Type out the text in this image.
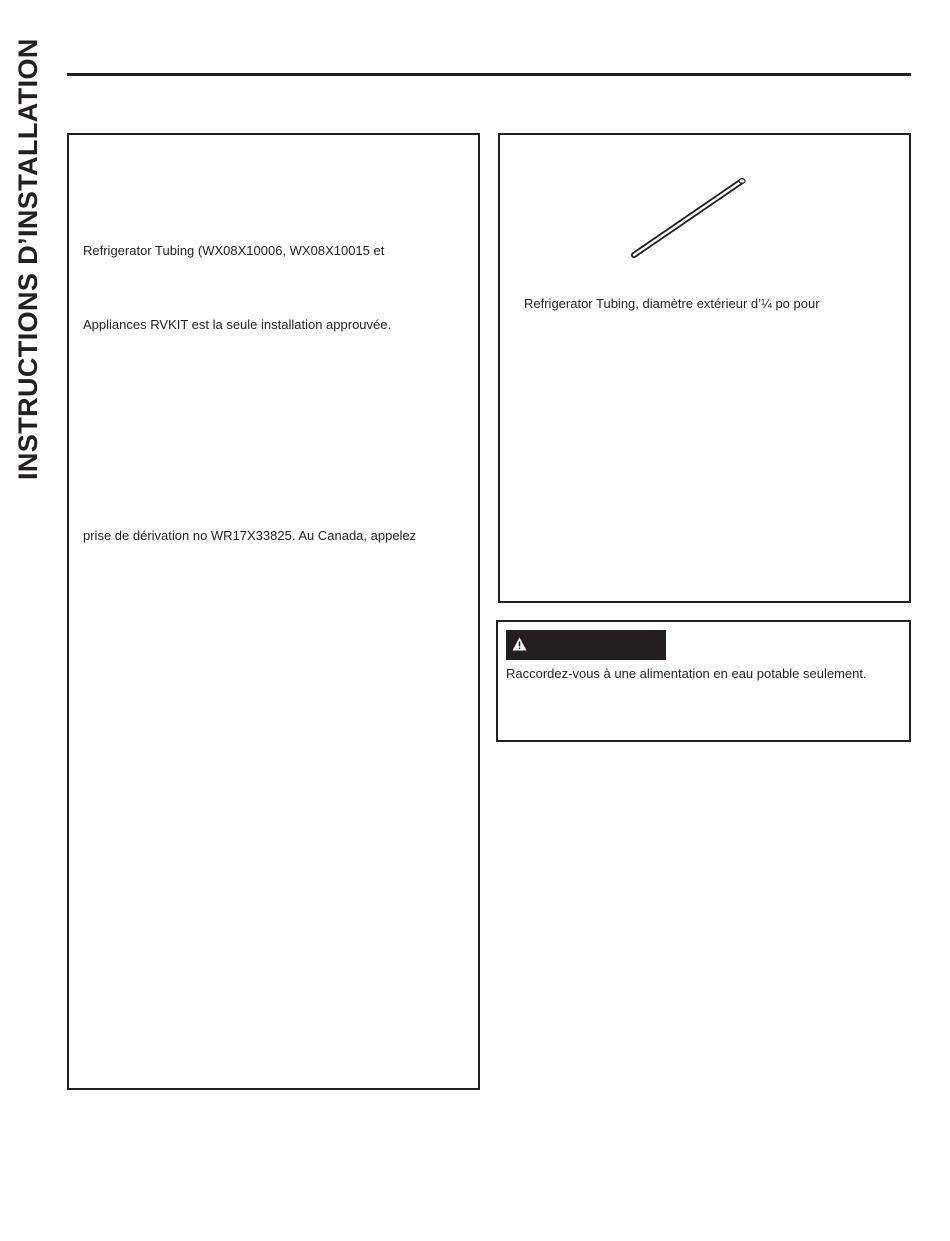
INSTRUCTIONS D’INSTALLATION	Refrigerator Tubing (WX08X10006, WX08X10015 et
Appliances RVKIT est la seule installation approuvée.
prise de dérivation no WR17X33825. Au Canada, appelez
Refrigerator Tubing, diamètre extérieur d’¼ po pour
Raccordez-vous à une alimentation en eau potable seulement.
